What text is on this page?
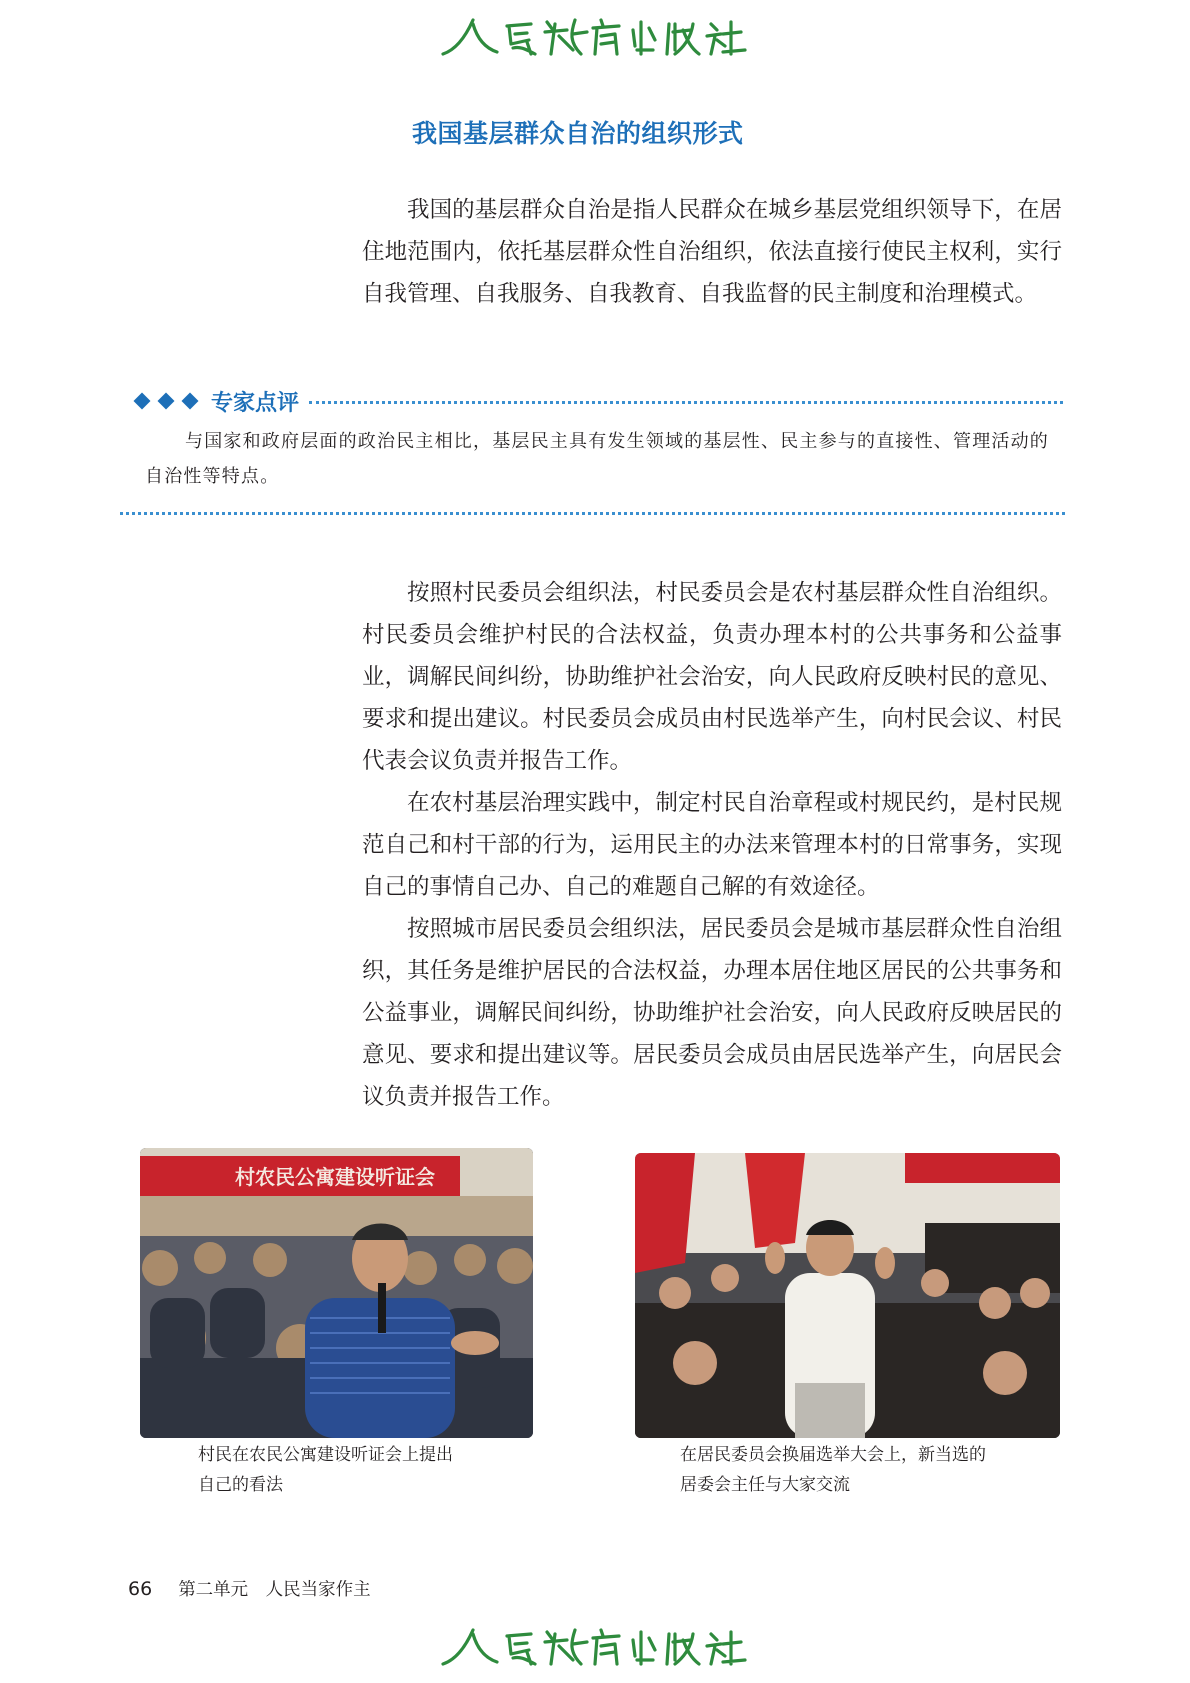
我国基层群众自治的组织形式

我国的基层群众自治是指人民群众在城乡基层党组织领导下，在居住地范围内，依托基层群众性自治组织，依法直接行使民主权利，实行自我管理、自我服务、自我教育、自我监督的民主制度和治理模式。

专家点评

与国家和政府层面的政治民主相比，基层民主具有发生领域的基层性、民主参与的直接性、管理活动的自治性等特点。

按照村民委员会组织法，村民委员会是农村基层群众性自治组织。村民委员会维护村民的合法权益，负责办理本村的公共事务和公益事业，调解民间纠纷，协助维护社会治安，向人民政府反映村民的意见、要求和提出建议。村民委员会成员由村民选举产生，向村民会议、村民代表会议负责并报告工作。

在农村基层治理实践中，制定村民自治章程或村规民约，是村民规范自己和村干部的行为，运用民主的办法来管理本村的日常事务，实现自己的事情自己办、自己的难题自己解的有效途径。

按照城市居民委员会组织法，居民委员会是城市基层群众性自治组织，其任务是维护居民的合法权益，办理本居住地区居民的公共事务和公益事业，调解民间纠纷，协助维护社会治安，向人民政府反映居民的意见、要求和提出建议等。居民委员会成员由居民选举产生，向居民会议负责并报告工作。

村农民公寓建设听证会
村民在农民公寓建设听证会上提出
自己的看法
在居民委员会换届选举大会上，新当选的
居委会主任与大家交流
66 第二单元　人民当家作主
